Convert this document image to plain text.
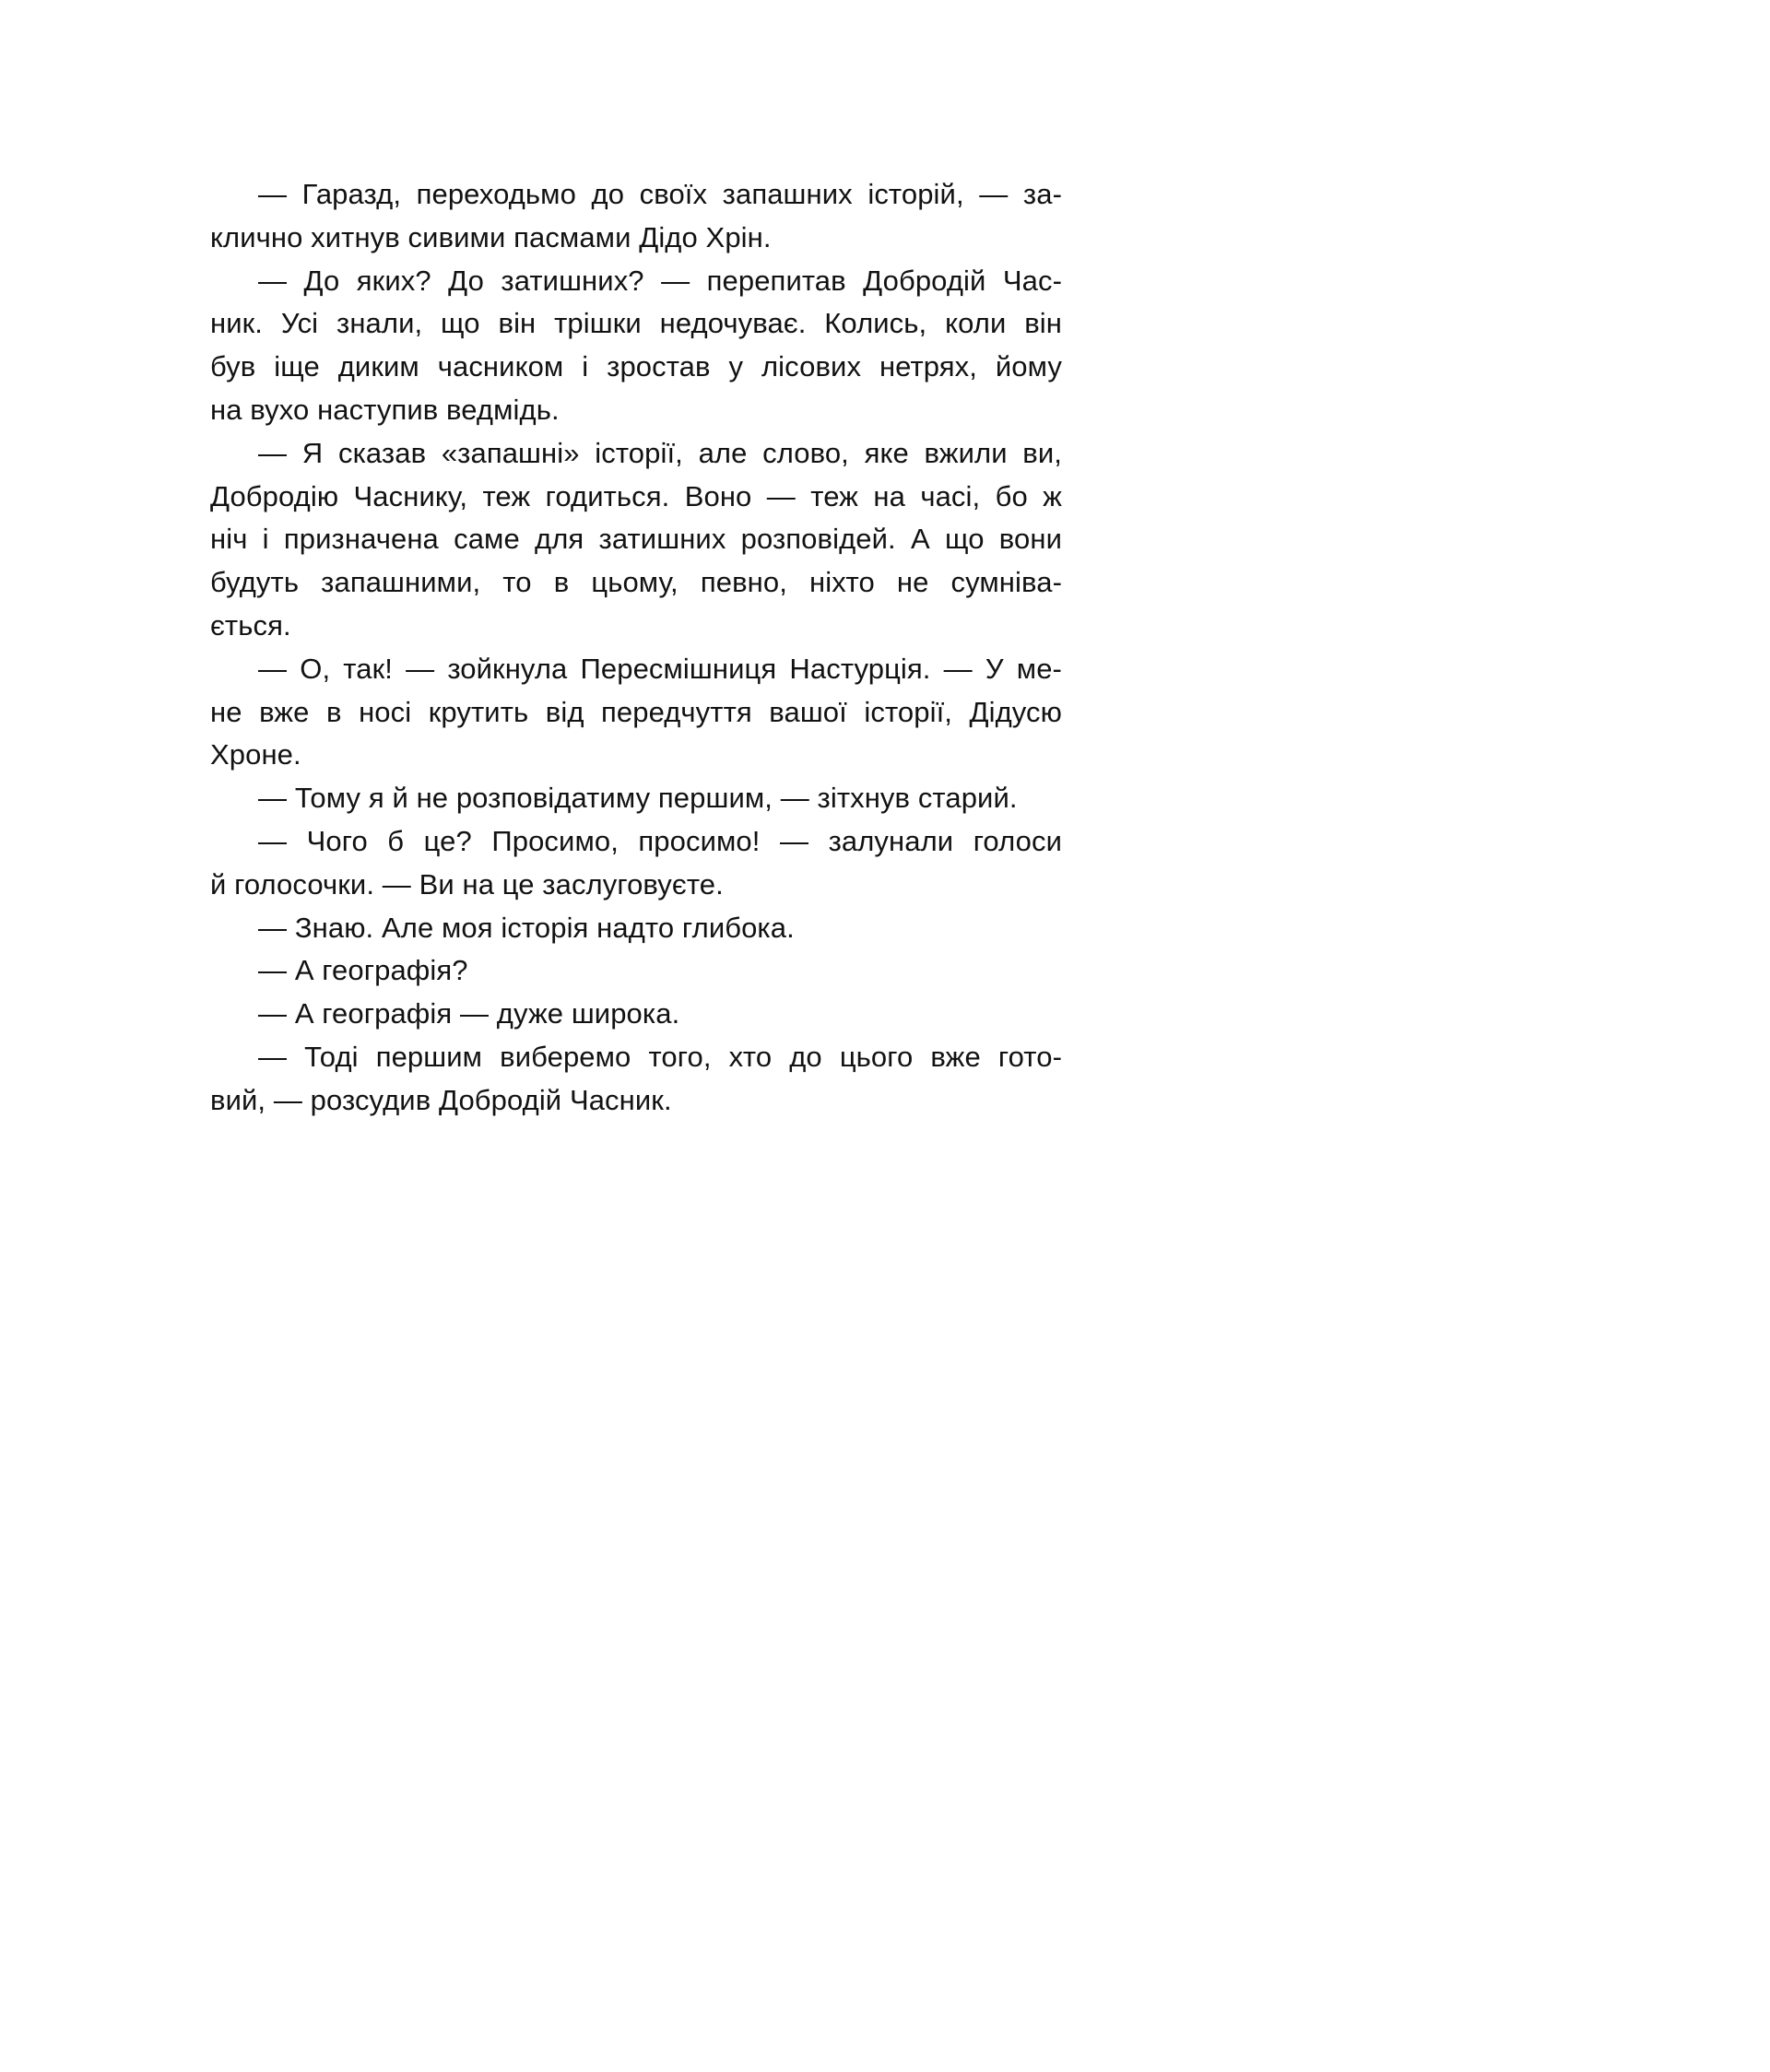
— Гаразд, переходьмо до своїх запашних історій, — за-
клично хитнув сивими пасмами Дідо Хрін.
— До яких? До затишних? — перепитав Добродій Час-
ник. Усі знали, що він трішки недочуває. Колись, коли він
був іще диким часником і зростав у лісових нетрях, йому
на вухо наступив ведмідь.
— Я сказав «запашні» історії, але слово, яке вжили ви,
Добродію Часнику, теж годиться. Воно — теж на часі, бо ж
ніч і призначена саме для затишних розповідей. А що вони
будуть запашними, то в цьому, певно, ніхто не сумніва-
ється.
— О, так! — зойкнула Пересмішниця Настурція. — У ме-
не вже в носі крутить від передчуття вашої історії, Дідусю
Хроне.
— Тому я й не розповідатиму першим, — зітхнув старий.
— Чого б це? Просимо, просимо! — залунали голоси
й голосочки. — Ви на це заслуговуєте.
— Знаю. Але моя історія надто глибока.
— А географія?
— А географія — дуже широка.
— Тоді першим виберемо того, хто до цього вже гото-
вий, — розсудив Добродій Часник.
